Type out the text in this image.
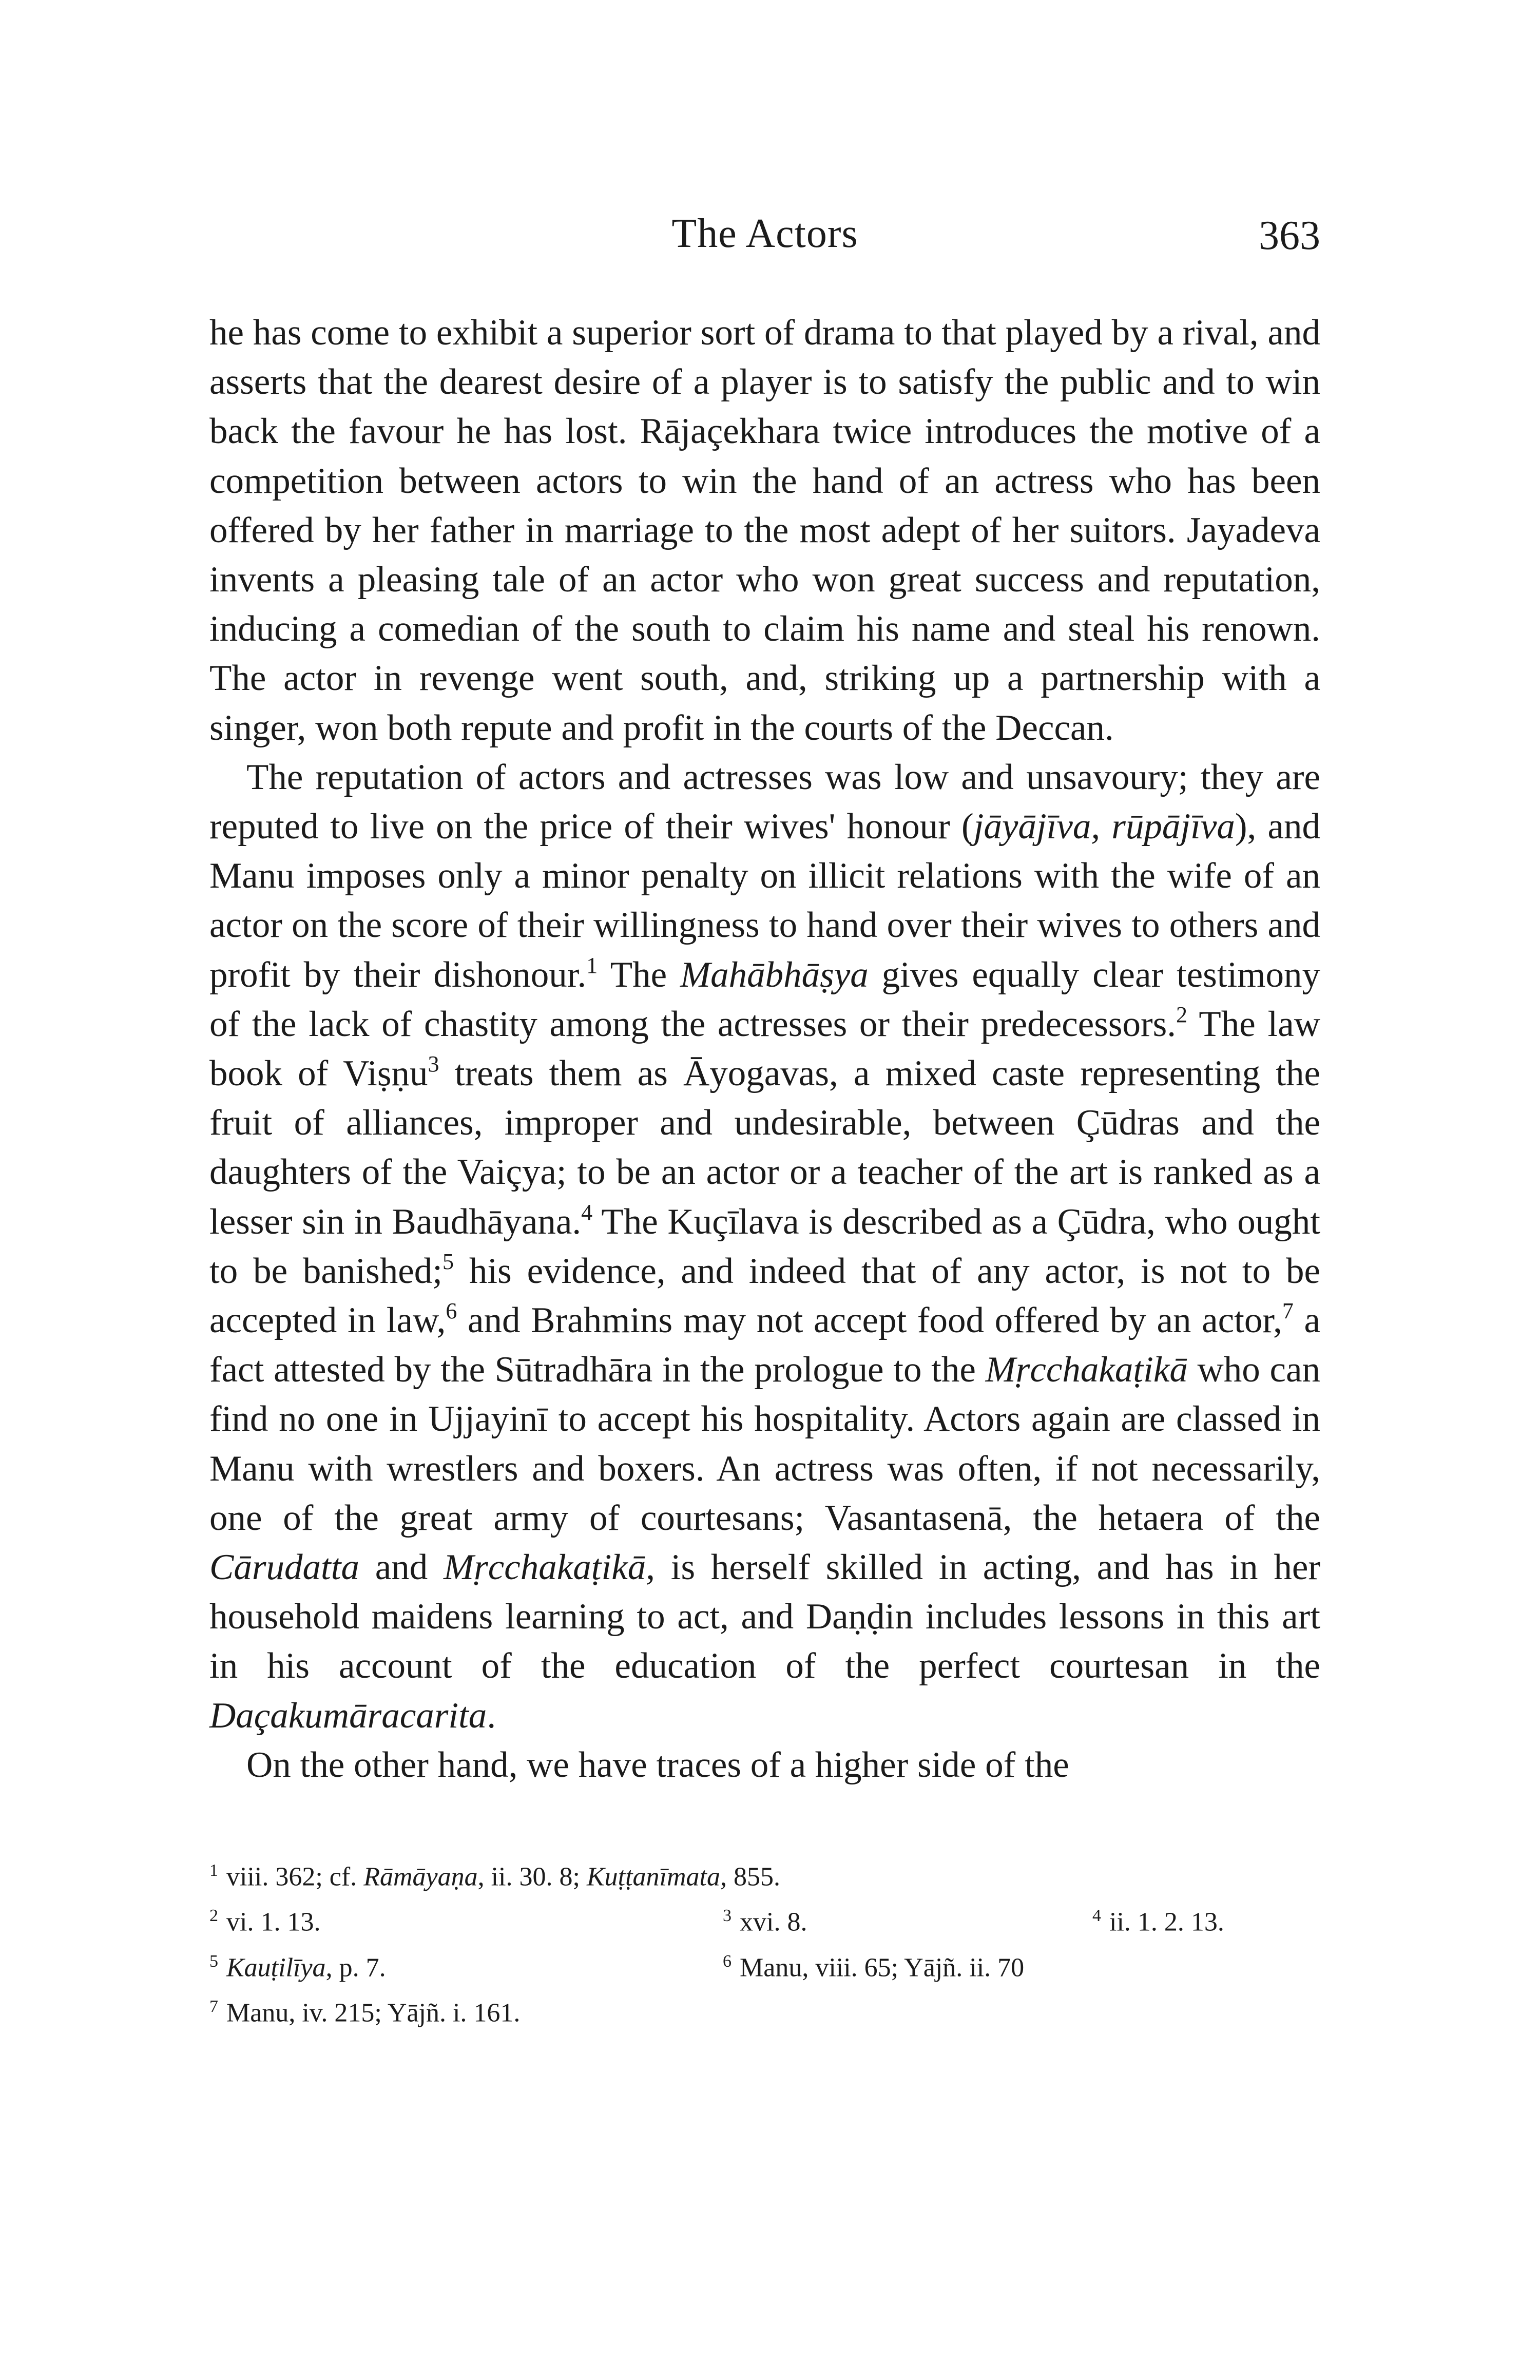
The Actors	363

he has come to exhibit a superior sort of drama to that played by a rival, and asserts that the dearest desire of a player is to satisfy the public and to win back the favour he has lost. Rājaçekhara twice introduces the motive of a competition between actors to win the hand of an actress who has been offered by her father in marriage to the most adept of her suitors. Jayadeva invents a pleasing tale of an actor who won great success and reputation, inducing a comedian of the south to claim his name and steal his renown. The actor in revenge went south, and, striking up a partnership with a singer, won both repute and profit in the courts of the Deccan.

The reputation of actors and actresses was low and unsavoury; they are reputed to live on the price of their wives' honour (jāyājīva, rūpājīva), and Manu imposes only a minor penalty on illicit relations with the wife of an actor on the score of their willingness to hand over their wives to others and profit by their dishonour.$^1$ The Mahābhāṣya gives equally clear testimony of the lack of chastity among the actresses or their predecessors.$^2$ The law book of Viṣṇu$^3$ treats them as Āyogavas, a mixed caste representing the fruit of alliances, improper and undesirable, between Çūdras and the daughters of the Vaiçya; to be an actor or a teacher of the art is ranked as a lesser sin in Baudhāyana.$^4$ The Kuçīlava is described as a Çūdra, who ought to be banished;$^5$ his evidence, and indeed that of any actor, is not to be accepted in law,$^6$ and Brahmins may not accept food offered by an actor,$^7$ a fact attested by the Sūtradhāra in the prologue to the Mṛcchakaṭikā who can find no one in Ujjayinī to accept his hospitality. Actors again are classed in Manu with wrestlers and boxers. An actress was often, if not necessarily, one of the great army of courtesans; Vasantasenā, the hetaera of the Cārudatta and Mṛcchakaṭikā, is herself skilled in acting, and has in her household maidens learning to act, and Daṇḍin includes lessons in this art in his account of the education of the perfect courtesan in the Daçakumāracarita.

On the other hand, we have traces of a higher side of the

$^1$ viii. 362; cf. Rāmāyaṇa, ii. 30. 8; Kuṭṭanīmata, 855.
$^2$ vi. 1. 13.	$^3$ xvi. 8.	$^4$ ii. 1. 2. 13.
$^5$ Kauṭilīya, p. 7.	$^6$ Manu, viii. 65; Yājñ. ii. 70
$^7$ Manu, iv. 215; Yājñ. i. 161.
